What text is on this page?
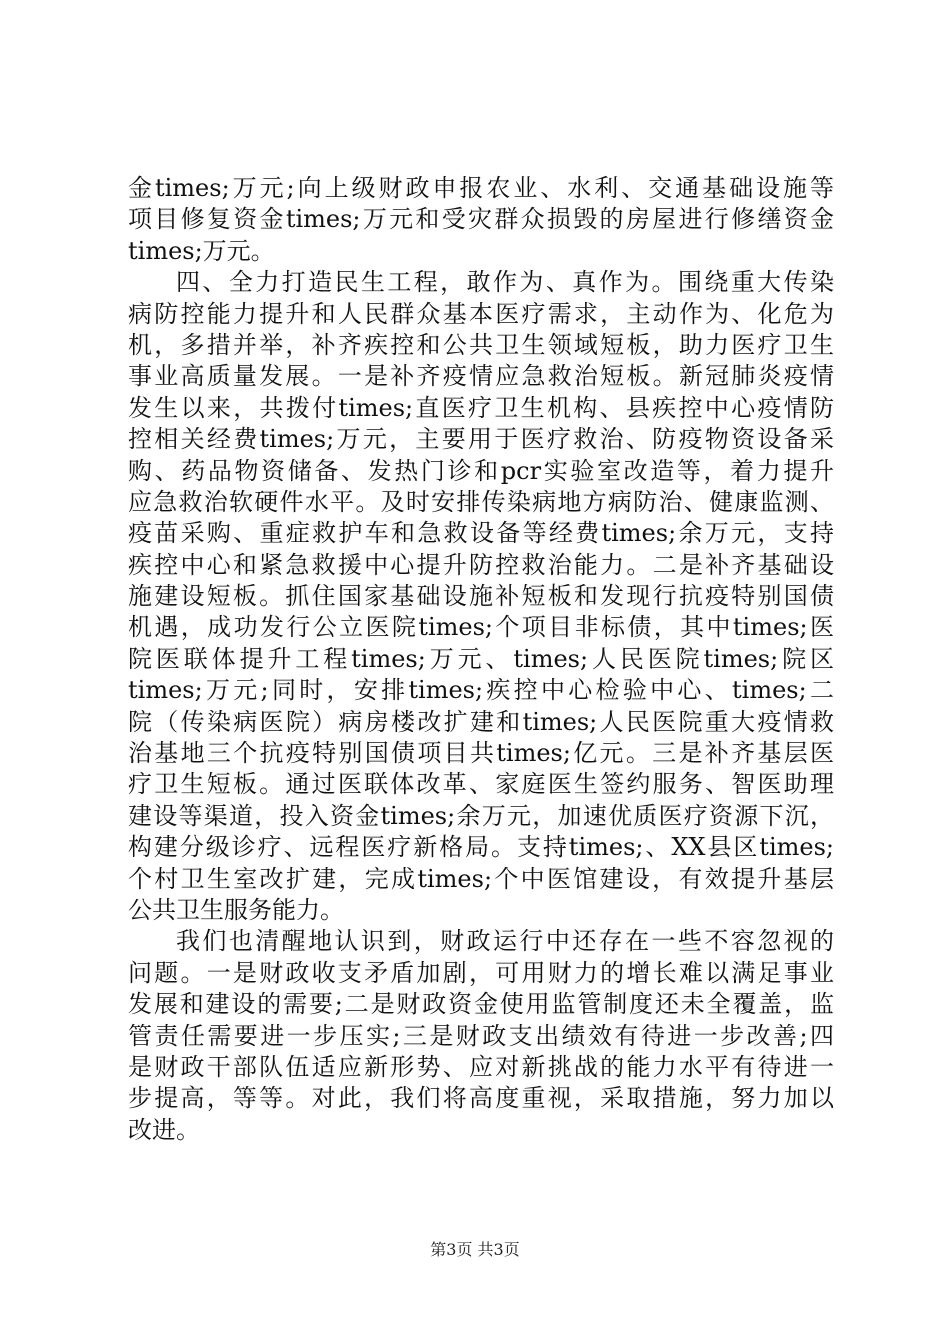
金times;万元;向上级财政申报农业、水利、交通基础设施等
项目修复资金times;万元和受灾群众损毁的房屋进行修缮资金
times;万元。
四、全力打造民生工程，敢作为、真作为。围绕重大传染
病防控能力提升和人民群众基本医疗需求，主动作为、化危为
机，多措并举，补齐疾控和公共卫生领域短板，助力医疗卫生
事业高质量发展。一是补齐疫情应急救治短板。新冠肺炎疫情
发生以来，共拨付times;直医疗卫生机构、县疾控中心疫情防
控相关经费times;万元，主要用于医疗救治、防疫物资设备采
购、药品物资储备、发热门诊和pcr实验室改造等，着力提升
应急救治软硬件水平。及时安排传染病地方病防治、健康监测、
疫苗采购、重症救护车和急救设备等经费times;余万元，支持
疾控中心和紧急救援中心提升防控救治能力。二是补齐基础设
施建设短板。抓住国家基础设施补短板和发现行抗疫特别国债
机遇，成功发行公立医院times;个项目非标债，其中times;医
院医联体提升工程times;万元、times;人民医院times;院区
times;万元;同时，安排times;疾控中心检验中心、times;二
院（传染病医院）病房楼改扩建和times;人民医院重大疫情救
治基地三个抗疫特别国债项目共times;亿元。三是补齐基层医
疗卫生短板。通过医联体改革、家庭医生签约服务、智医助理
建设等渠道，投入资金times;余万元，加速优质医疗资源下沉，
构建分级诊疗、远程医疗新格局。支持times;、XX县区times;
个村卫生室改扩建，完成times;个中医馆建设，有效提升基层
公共卫生服务能力。
我们也清醒地认识到，财政运行中还存在一些不容忽视的
问题。一是财政收支矛盾加剧，可用财力的增长难以满足事业
发展和建设的需要;二是财政资金使用监管制度还未全覆盖，监
管责任需要进一步压实;三是财政支出绩效有待进一步改善;四
是财政干部队伍适应新形势、应对新挑战的能力水平有待进一
步提高，等等。对此，我们将高度重视，采取措施，努力加以
改进。
第3页 共3页
